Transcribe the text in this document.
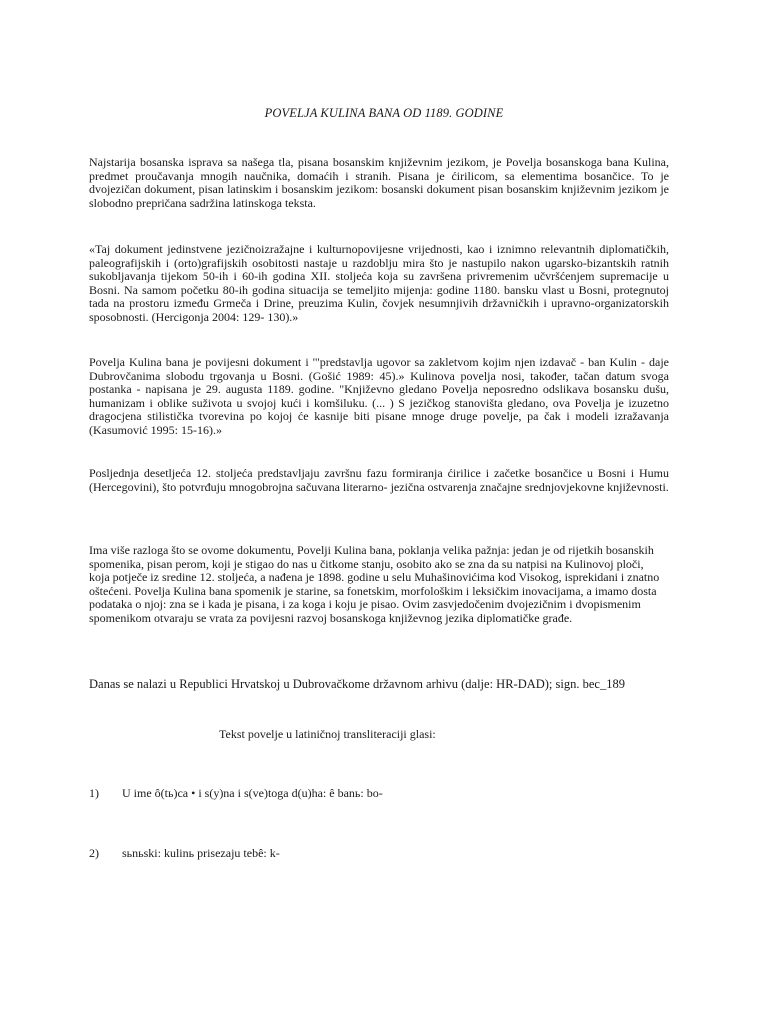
POVELJA KULINA BANA OD 1189. GODINE

Najstarija bosanska isprava sa našega tla, pisana bosanskim književnim jezikom, je Povelja bosanskoga bana Kulina, predmet proučavanja mnogih naučnika, domaćih i stranih. Pisana je ćirilicom, sa elementima bosančice. To je dvojezičan dokument, pisan latinskim i bosanskim jezikom: bosanski dokument pisan bosanskim književnim jezikom je slobodno prepričana sadržina latinskoga teksta.

«Taj dokument jedinstvene jezičnoizražajne i kulturnopovijesne vrijednosti, kao i iznimno relevantnih diplomatičkih, paleografijskih i (orto)grafijskih osobitosti nastaje u razdoblju mira što je nastupilo nakon ugarsko-bizantskih ratnih sukobljavanja tijekom 50-ih i 60-ih godina XII. stoljeća koja su završena privremenim učvršćenjem supremacije u Bosni. Na samom početku 80-ih godina situacija se temeljito mijenja: godine 1180. bansku vlast u Bosni, protegnutoj tada na prostoru između Grmeča i Drine, preuzima Kulin, čovjek nesumnjivih državničkih i upravno-organizatorskih sposobnosti. (Hercigonja 2004: 129- 130).»

Povelja Kulina bana je povijesni dokument i '"predstavlja ugovor sa zakletvom kojim njen izdavač - ban Kulin - daje Dubrovčanima slobodu trgovanja u Bosni. (Gošić 1989: 45).» Kulinova povelja nosi, također, tačan datum svoga postanka - napisana je 29. augusta 1189. godine. "Književno gledano Povelja neposredno odslikava bosansku dušu, humanizam i oblike suživota u svojoj kući i komšiluku. (... ) S jezičkog stanovišta gledano, ova Povelja je izuzetno dragocjena stilistička tvorevina po kojoj će kasnije biti pisane mnoge druge povelje, pa čak i modeli izražavanja (Kasumović 1995: 15-16).»

Posljednja desetljeća 12. stoljeća predstavljaju završnu fazu formiranja ćirilice i začetke bosančice u Bosni i Humu (Hercegovini), što potvrđuju mnogobrojna sačuvana literarno- jezična ostvarenja značajne srednjovjekovne književnosti.

Ima više razloga što se ovome dokumentu, Povelji Kulina bana, poklanja velika pažnja: jedan je od rijetkih bosanskih spomenika, pisan perom, koji je stigao do nas u čitkome stanju, osobito ako se zna da su natpisi na Kulinovoj ploči, koja potječe iz sredine 12. stoljeća, a nađena je 1898. godine u selu Muhašinovićima kod Visokog, isprekidani i znatno oštećeni. Povelja Kulina bana spomenik je starine, sa fonetskim, morfološkim i leksičkim inovacijama, a imamo dosta podataka o njoj: zna se i kada je pisana, i za koga i koju je pisao. Ovim zasvjedočenim dvojezičnim i dvopismenim spomenikom otvaraju se vrata za povijesni razvoj bosanskoga književnog jezika diplomatičke građe.

Danas se nalazi u Republici Hrvatskoj u Dubrovačkome državnom arhivu (dalje: HR-DAD); sign. bec_189

Tekst povelje u latiničnoj transliteraciji glasi:

1) U ime ô(tь)ca • i s(y)na i s(ve)toga d(u)ha: ê banь: bo-

2) sьnьski: kulinь prisezaju tebê: k-
